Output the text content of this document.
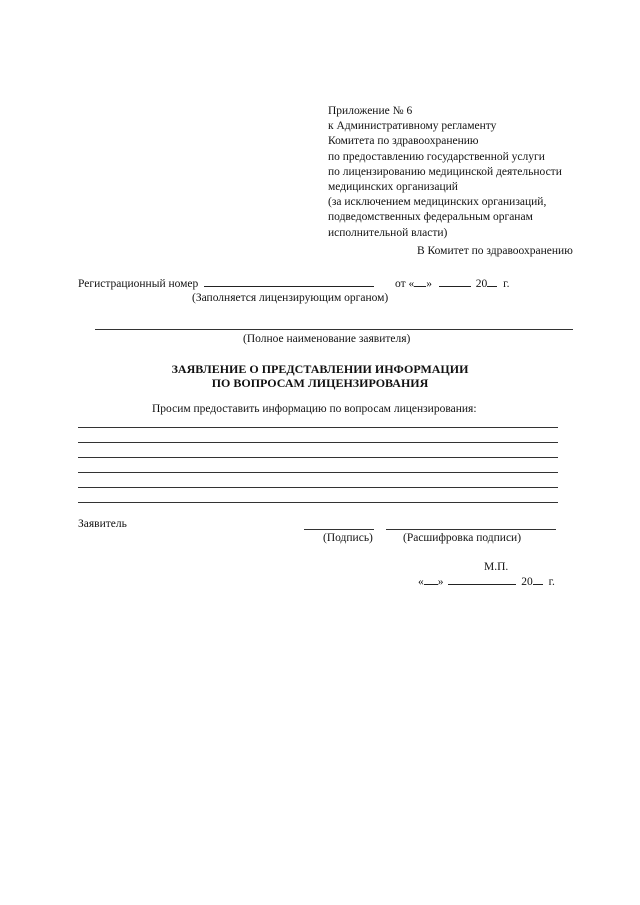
Приложение № 6
к Административному регламенту
Комитета по здравоохранению
по предоставлению государственной услуги
по лицензированию медицинской деятельности
медицинских организаций
(за исключением медицинских организаций,
подведомственных федеральным органам
исполнительной власти)
В Комитет по здравоохранению
Регистрационный номер	от « »	20 г.
(Заполняется лицензирующим органом)
(Полное наименование заявителя)
ЗАЯВЛЕНИЕ О ПРЕДСТАВЛЕНИИ ИНФОРМАЦИИ
ПО ВОПРОСАМ ЛИЦЕНЗИРОВАНИЯ
Просим предоставить информацию по вопросам лицензирования:
Заявитель
(Подпись)	(Расшифровка подписи)
М.П.
« »	20 г.
